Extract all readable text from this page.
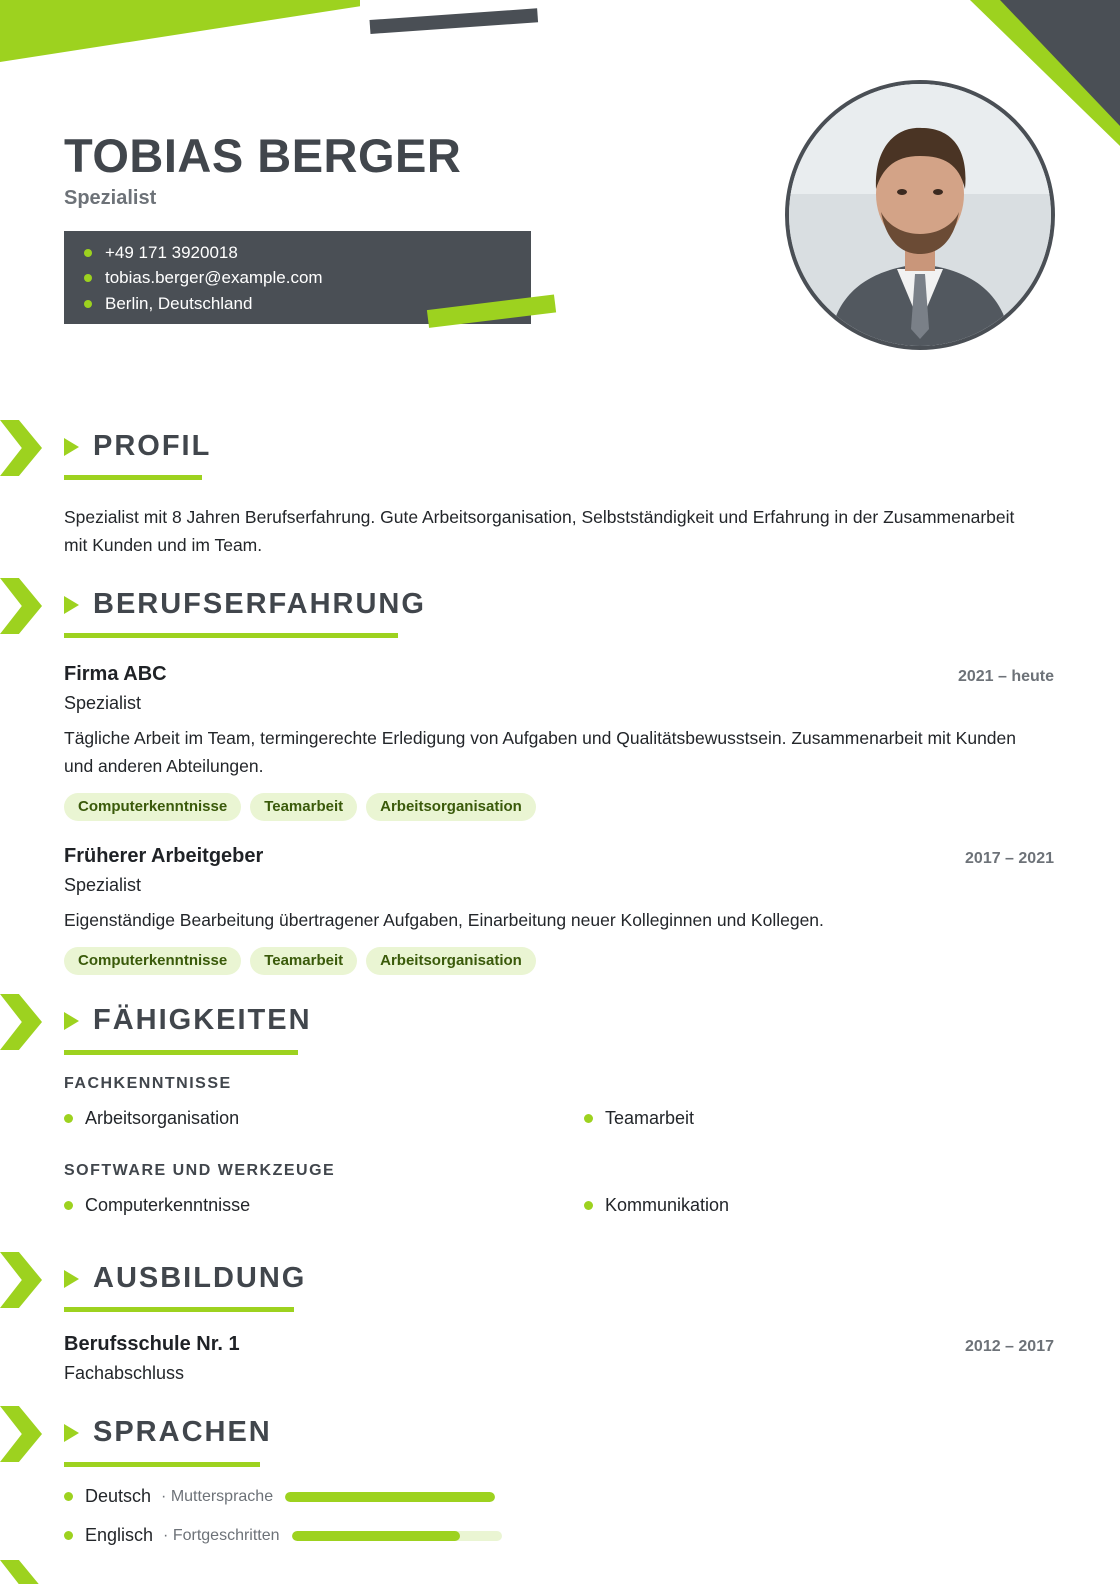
TOBIAS BERGER
Spezialist
+49 171 3920018
tobias.berger@example.com
Berlin, Deutschland
PROFIL
Spezialist mit 8 Jahren Berufserfahrung. Gute Arbeitsorganisation, Selbstständigkeit und Erfahrung in der Zusammenarbeit mit Kunden und im Team.
BERUFSERFAHRUNG
Firma ABC	2021 – heute
Spezialist
Tägliche Arbeit im Team, termingerechte Erledigung von Aufgaben und Qualitätsbewusstsein. Zusammenarbeit mit Kunden und anderen Abteilungen.
Computerkenntnisse	Teamarbeit	Arbeitsorganisation
Früherer Arbeitgeber	2017 – 2021
Spezialist
Eigenständige Bearbeitung übertragener Aufgaben, Einarbeitung neuer Kolleginnen und Kollegen.
Computerkenntnisse	Teamarbeit	Arbeitsorganisation
FÄHIGKEITEN
FACHKENNTNISSE
Arbeitsorganisation	Teamarbeit
SOFTWARE UND WERKZEUGE
Computerkenntnisse	Kommunikation
AUSBILDUNG
Berufsschule Nr. 1	2012 – 2017
Fachabschluss
SPRACHEN
Deutsch · Muttersprache
Englisch · Fortgeschritten
